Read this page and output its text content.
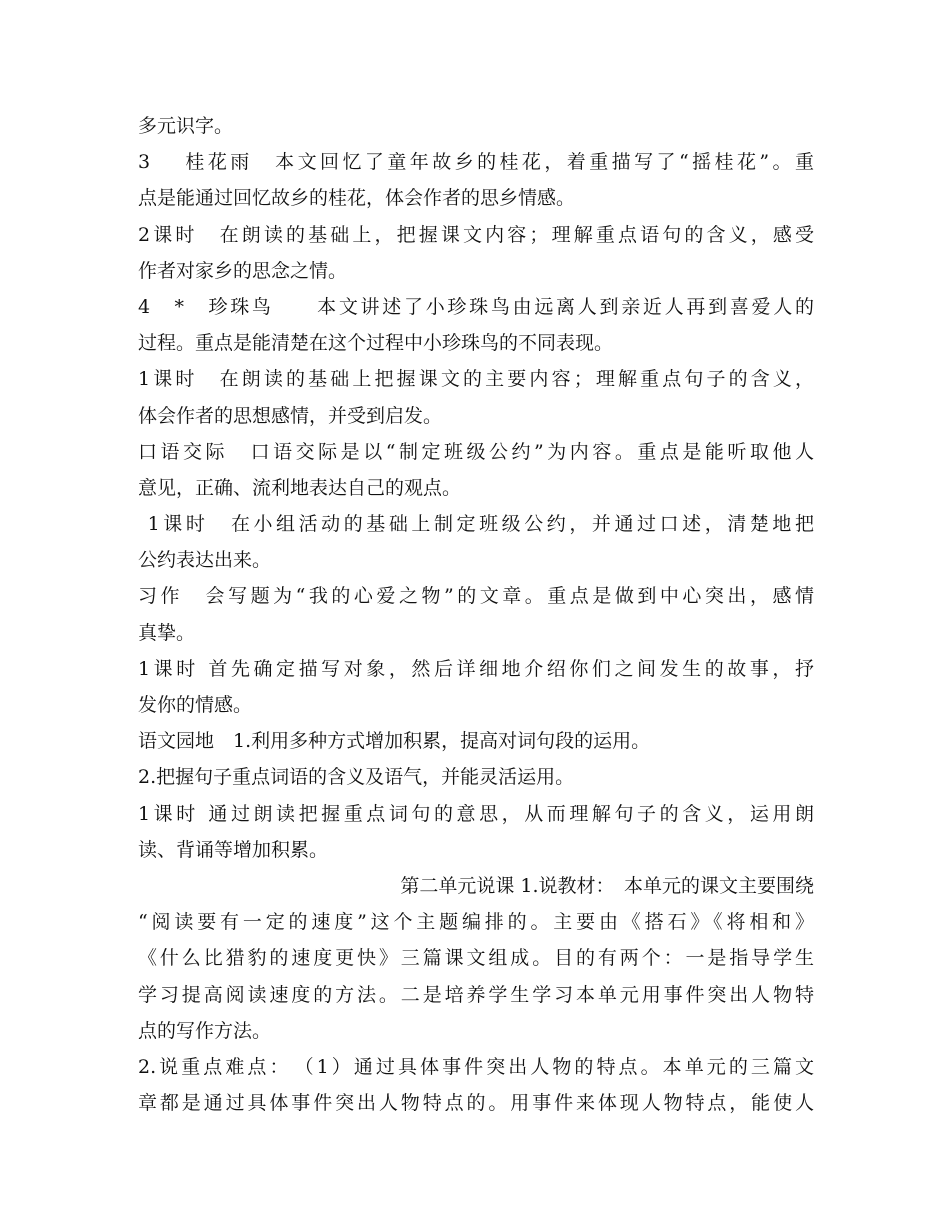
多元识字。
3　 桂花雨　本文回忆了童年故乡的桂花，着重描写了“摇桂花”。重
点是能通过回忆故乡的桂花，体会作者的思乡情感。
2课时　在朗读的基础上，把握课文内容；理解重点语句的含义，感受
作者对家乡的思念之情。
4　*　珍珠鸟　　本文讲述了小珍珠鸟由远离人到亲近人再到喜爱人的
过程。重点是能清楚在这个过程中小珍珠鸟的不同表现。
1课时　在朗读的基础上把握课文的主要内容；理解重点句子的含义，
体会作者的思想感情，并受到启发。
口语交际　口语交际是以“制定班级公约”为内容。重点是能听取他人
意见，正确、流利地表达自己的观点。
1课时　在小组活动的基础上制定班级公约，并通过口述，清楚地把
公约表达出来。
习作　会写题为“我的心爱之物”的文章。重点是做到中心突出，感情
真挚。
1课时 首先确定描写对象，然后详细地介绍你们之间发生的故事，抒
发你的情感。
语文园地　1.利用多种方式增加积累，提高对词句段的运用。
2.把握句子重点词语的含义及语气，并能灵活运用。
1课时 通过朗读把握重点词句的意思，从而理解句子的含义，运用朗
读、背诵等增加积累。
第二单元说课 1.说教材：　本单元的课文主要围绕
“阅读要有一定的速度”这个主题编排的。主要由《搭石》《将相和》
《什么比猎豹的速度更快》三篇课文组成。目的有两个：一是指导学生
学习提高阅读速度的方法。二是培养学生学习本单元用事件突出人物特
点的写作方法。
2.说重点难点：　（1）通过具体事件突出人物的特点。本单元的三篇文
章都是通过具体事件突出人物特点的。用事件来体现人物特点，能使人
